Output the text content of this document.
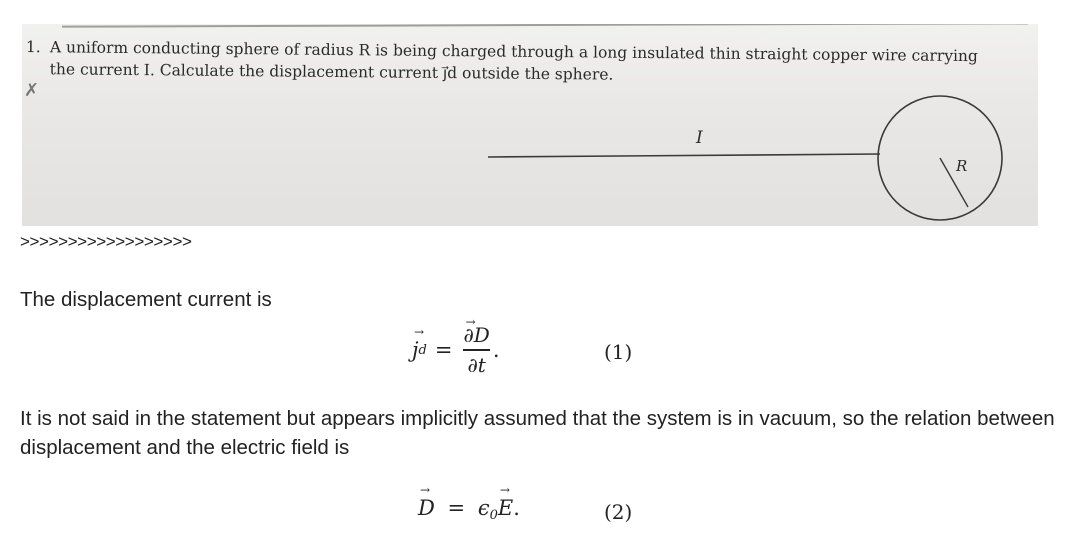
1. A uniform conducting sphere of radius R is being charged through a long insulated thin straight copper wire carrying
the current I. Calculate the displacement current j⃗d outside the sphere.
✗
I
R
>>>>>>>>>>>>>>>>>>
The displacement current is
→ j d =
→ $\frac{\partial D}{\partial t}$ .	(1)
It is not said in the statement but appears implicitly assumed that the system is in vacuum, so the relation between displacement and the electric field is
→ $D = \epsilon_0\to E$.	(2)
